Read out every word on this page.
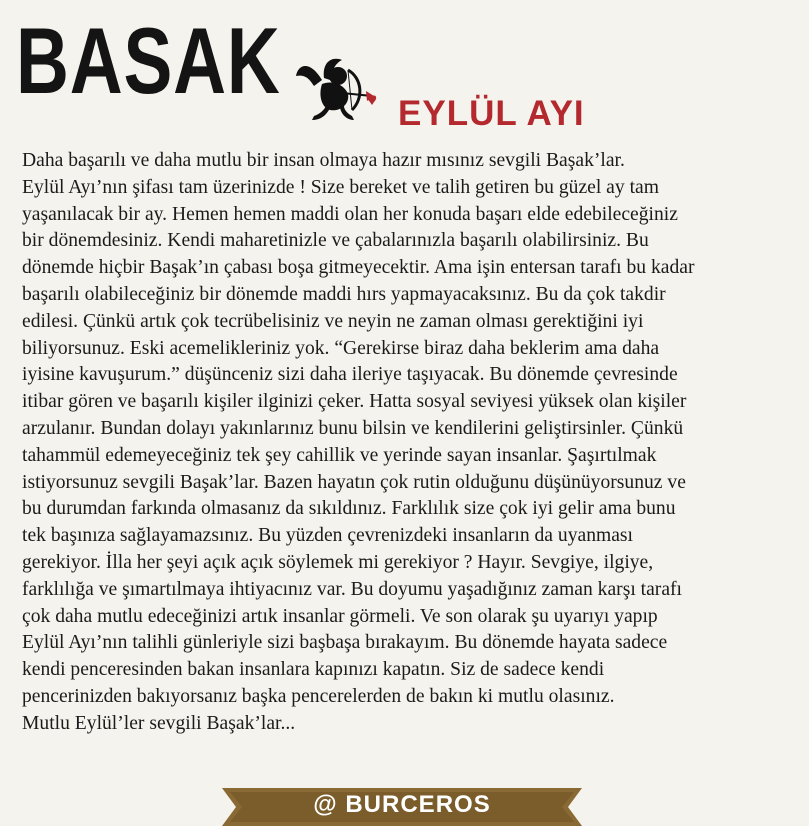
BASAK
EYLÜL AYI
Daha başarılı ve daha mutlu bir insan olmaya hazır mısınız sevgili Başak’lar.
Eylül Ayı’nın şifası tam üzerinizde ! Size bereket ve talih getiren bu güzel ay tam
yaşanılacak bir ay. Hemen hemen maddi olan her konuda başarı elde edebileceğiniz
bir dönemdesiniz. Kendi maharetinizle ve çabalarınızla başarılı olabilirsiniz. Bu
dönemde hiçbir Başak’ın çabası boşa gitmeyecektir. Ama işin entersan tarafı bu kadar
başarılı olabileceğiniz bir dönemde maddi hırs yapmayacaksınız. Bu da çok takdir
edilesi. Çünkü artık çok tecrübelisiniz ve neyin ne zaman olması gerektiğini iyi
biliyorsunuz. Eski acemelikleriniz yok. “Gerekirse biraz daha beklerim ama daha
iyisine kavuşurum.” düşünceniz sizi daha ileriye taşıyacak. Bu dönemde çevresinde
itibar gören ve başarılı kişiler ilginizi çeker. Hatta sosyal seviyesi yüksek olan kişiler
arzulanır. Bundan dolayı yakınlarınız bunu bilsin ve kendilerini geliştirsinler. Çünkü
tahammül edemeyeceğiniz tek şey cahillik ve yerinde sayan insanlar. Şaşırtılmak
istiyorsunuz sevgili Başak’lar. Bazen hayatın çok rutin olduğunu düşünüyorsunuz ve
bu durumdan farkında olmasanız da sıkıldınız. Farklılık size çok iyi gelir ama bunu
tek başınıza sağlayamazsınız. Bu yüzden çevrenizdeki insanların da uyanması
gerekiyor. İlla her şeyi açık açık söylemek mi gerekiyor ? Hayır. Sevgiye, ilgiye,
farklılığa ve şımartılmaya ihtiyacınız var. Bu doyumu yaşadığınız zaman karşı tarafı
çok daha mutlu edeceğinizi artık insanlar görmeli. Ve son olarak şu uyarıyı yapıp
Eylül Ayı’nın talihli günleriyle sizi başbaşa bırakayım. Bu dönemde hayata sadece
kendi penceresinden bakan insanlara kapınızı kapatın. Siz de sadece kendi
pencerinizden bakıyorsanız başka pencerelerden de bakın ki mutlu olasınız.
Mutlu Eylül’ler sevgili Başak’lar...
@ BURCEROS
